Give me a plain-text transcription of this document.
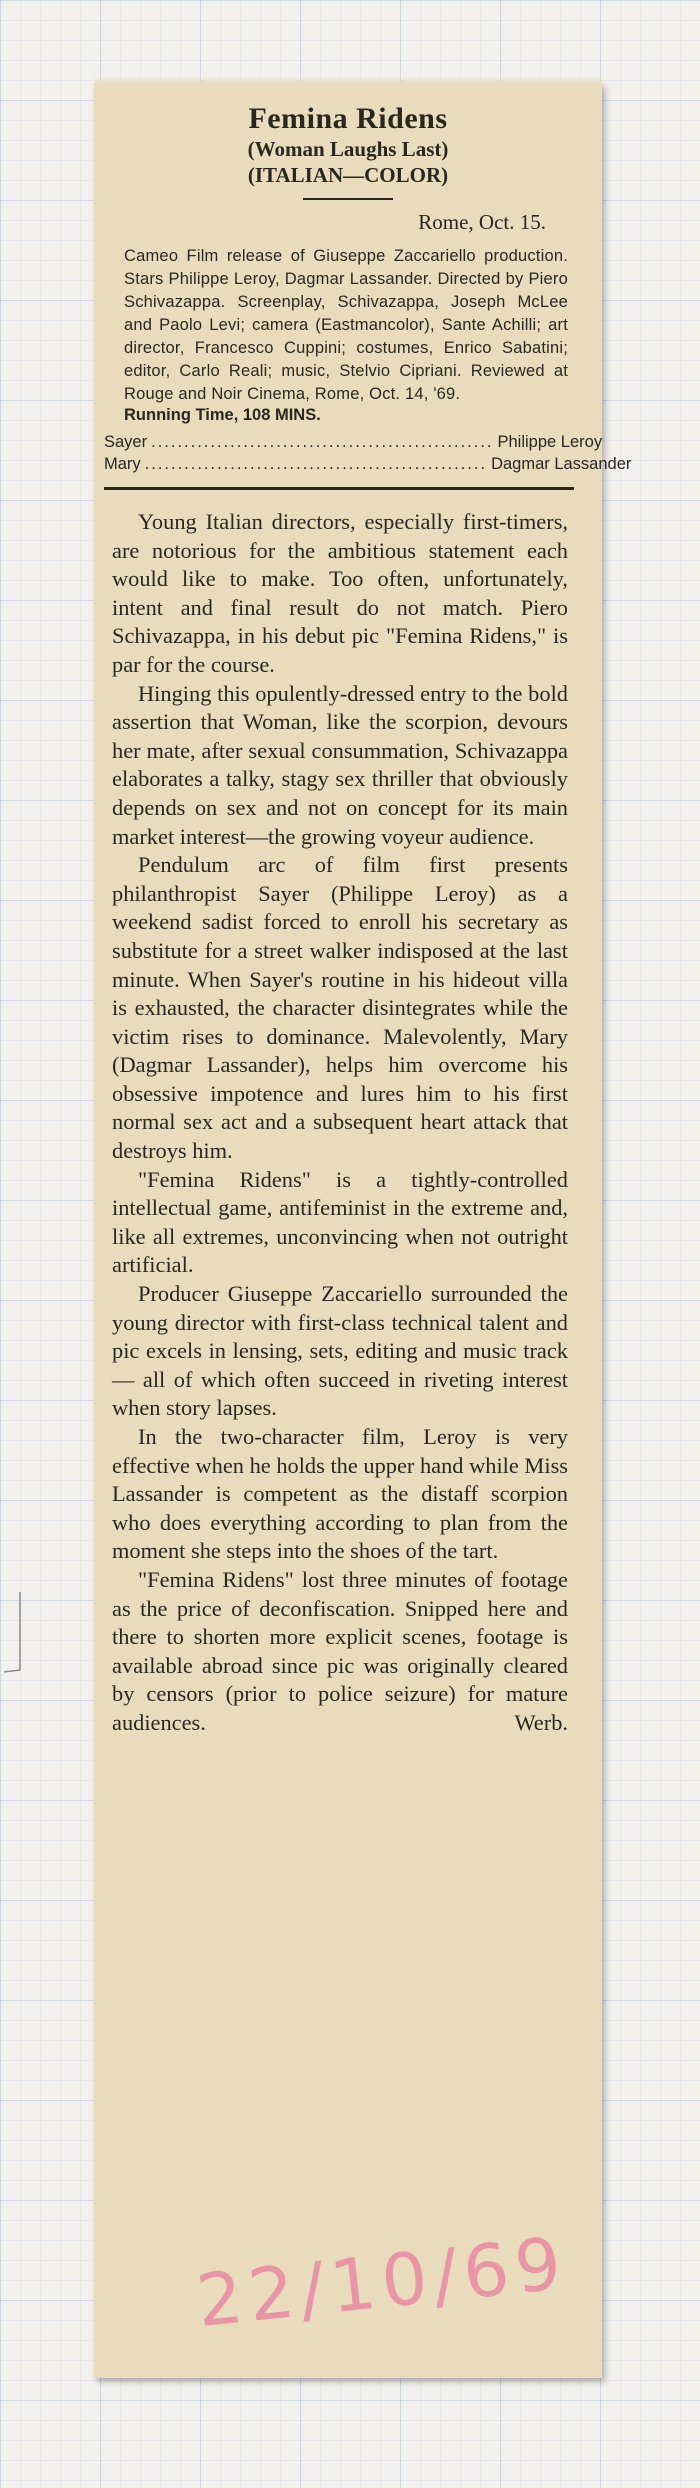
Femina Ridens
(Woman Laughs Last)
(ITALIAN—COLOR)
Rome, Oct. 15.
Cameo Film release of Giuseppe Zaccariello production. Stars Philippe Leroy, Dagmar Lassander. Directed by Piero Schivazappa. Screenplay, Schivazappa, Joseph McLee and Paolo Levi; camera (Eastmancolor), Sante Achilli; art director, Francesco Cuppini; costumes, Enrico Sabatini; editor, Carlo Reali; music, Stelvio Cipriani. Reviewed at Rouge and Noir Cinema, Rome, Oct. 14, '69.
Running Time, 108 MINS.
Sayer .................................................... Philippe Leroy
Mary .................................................... Dagmar Lassander

Young Italian directors, especially first-timers, are notorious for the ambitious statement each would like to make. Too often, unfortunately, intent and final result do not match. Piero Schivazappa, in his debut pic "Femina Ridens," is par for the course.

Hinging this opulently-dressed entry to the bold assertion that Woman, like the scorpion, devours her mate, after sexual consummation, Schivazappa elaborates a talky, stagy sex thriller that obviously depends on sex and not on concept for its main market interest—the growing voyeur audience.

Pendulum arc of film first presents philanthropist Sayer (Philippe Leroy) as a weekend sadist forced to enroll his secretary as substitute for a street walker indisposed at the last minute. When Sayer's routine in his hideout villa is exhausted, the character disintegrates while the victim rises to dominance. Malevolently, Mary (Dagmar Lassander), helps him overcome his obsessive impotence and lures him to his first normal sex act and a subsequent heart attack that destroys him.

"Femina Ridens" is a tightly-controlled intellectual game, antifeminist in the extreme and, like all extremes, unconvincing when not outright artificial.

Producer Giuseppe Zaccariello surrounded the young director with first-class technical talent and pic excels in lensing, sets, editing and music track — all of which often succeed in riveting interest when story lapses.

In the two-character film, Leroy is very effective when he holds the upper hand while Miss Lassander is competent as the distaff scorpion who does everything according to plan from the moment she steps into the shoes of the tart.

"Femina Ridens" lost three minutes of footage as the price of deconfiscation. Snipped here and there to shorten more explicit scenes, footage is available abroad since pic was originally cleared by censors (prior to police seizure) for mature audiences.	Werb.

22/10/69
